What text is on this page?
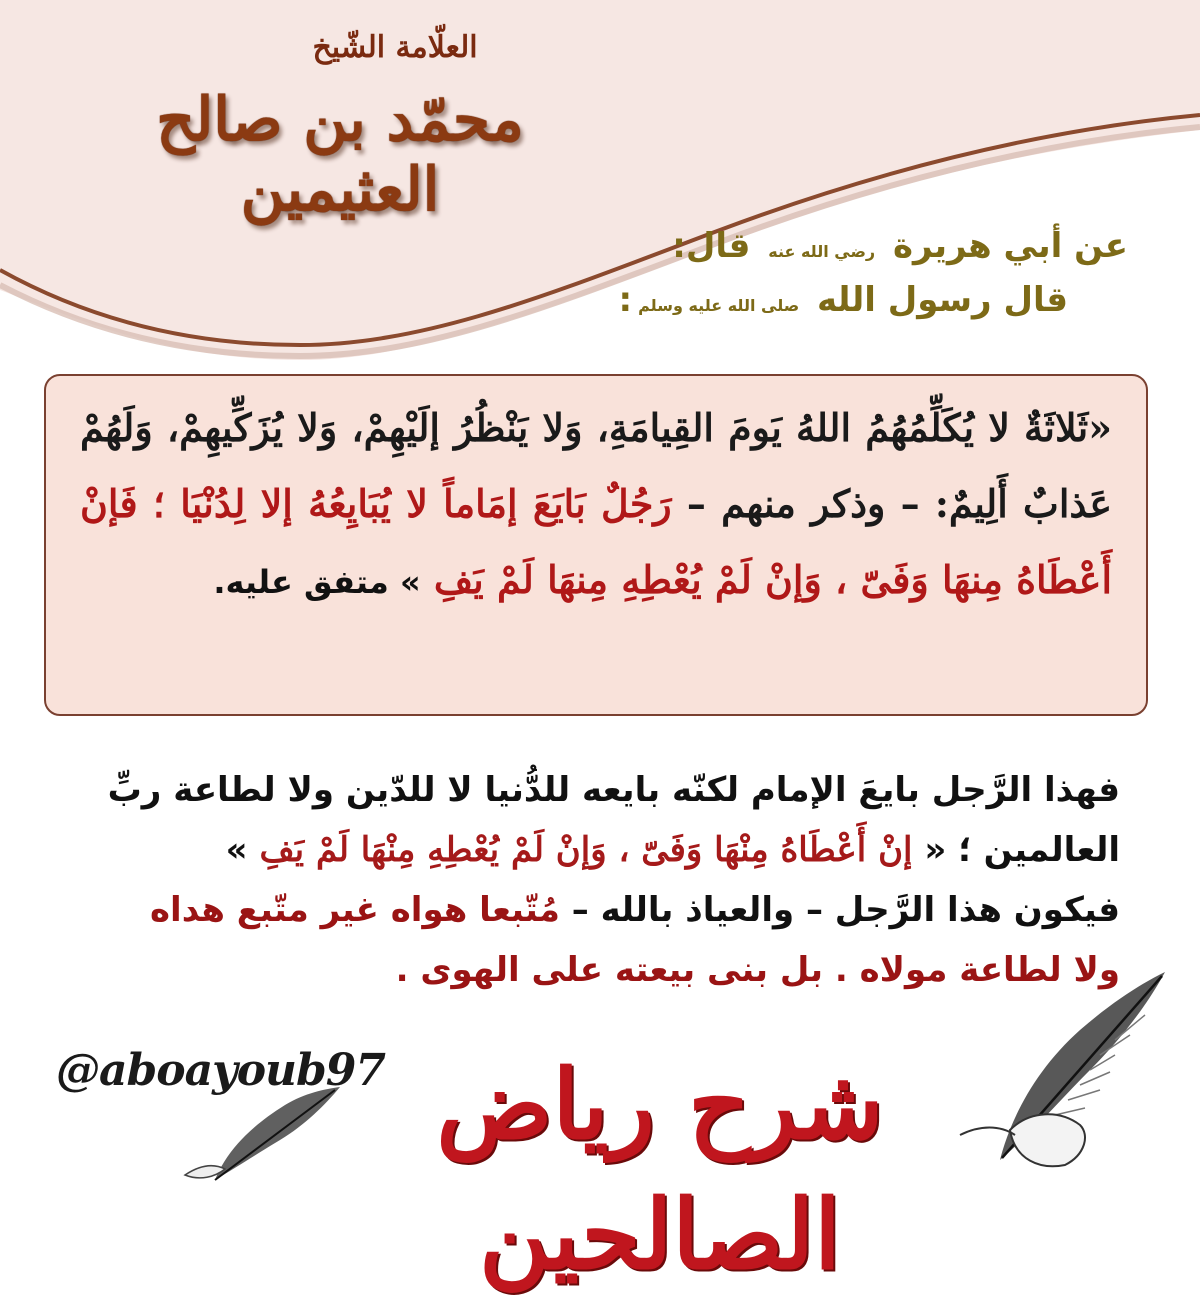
العلّامة الشّيخ
محمّد بن صالح العثيمين
عن أبي هريرة رضي الله عنه قال:
قال رسول الله صلى الله عليه وسلم:
«ثَلاثَةٌ لا يُكَلِّمُهُمُ اللهُ يَومَ القِيامَةِ، وَلا يَنْظُرُ إلَيْهِمْ، وَلا يُزَكِّيهِمْ، وَلَهُمْ عَذابٌ أَلِيمٌ: – وذكر منهم – رَجُلٌ بَايَعَ إمَاماً لا يُبَايِعُهُ إلا لِدُنْيَا ؛ فَإنْ أَعْطَاهُ مِنهَا وَفَىّ ، وَإنْ لَمْ يُعْطِهِ مِنهَا لَمْ يَفِ » متفق عليه.
فهذا الرَّجل بايعَ الإمام لكنّه بايعه للدُّنيا لا للدّين ولا لطاعة ربِّ
العالمين ؛ « إنْ أَعْطَاهُ مِنْهَا وَفَىّ ، وَإنْ لَمْ يُعْطِهِ مِنْهَا لَمْ يَفِ »
فيكون هذا الرَّجل – والعياذ بالله – مُتّبعا هواه غير متّبع هداه
ولا لطاعة مولاه . بل بنى بيعته على الهوى .
@aboayoub97 شرح رياض الصالحين
